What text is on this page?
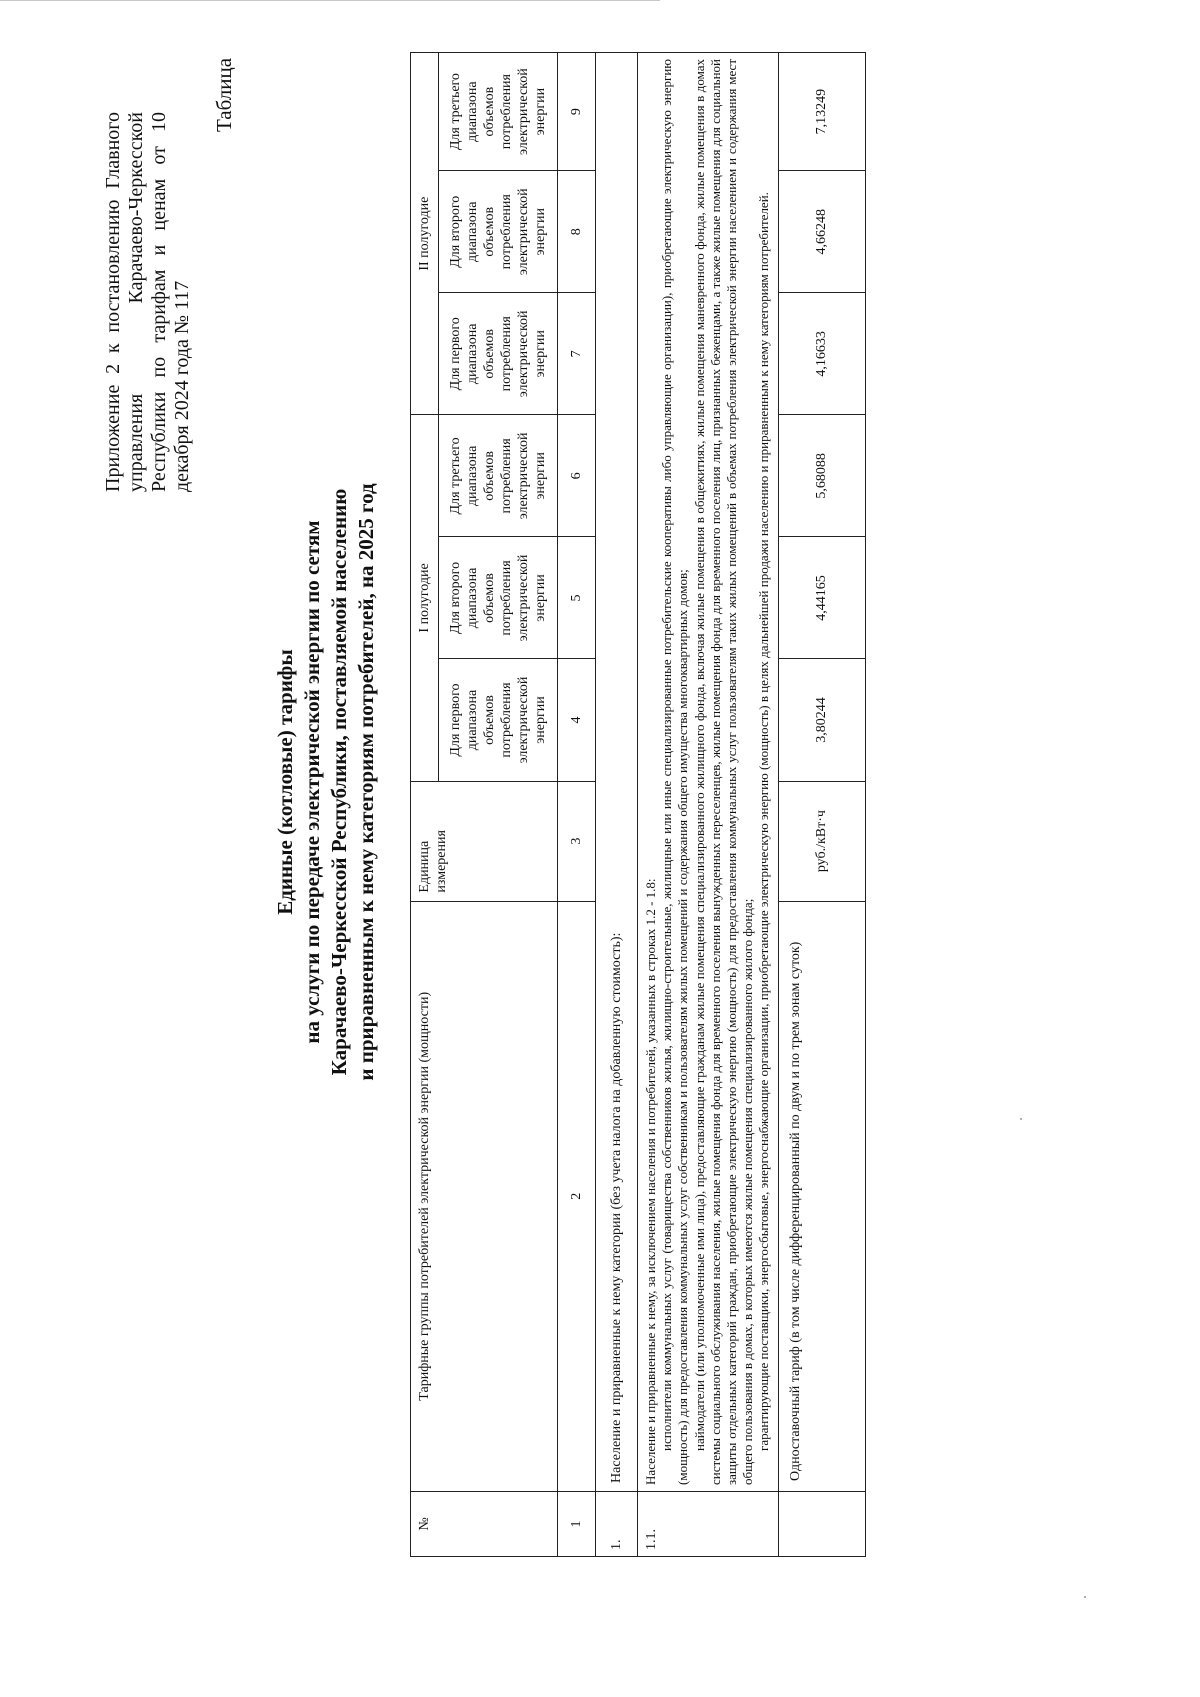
Приложение 2 к постановлению Главного управления Карачаево-Черкесской Республики по тарифам и ценам от 10 декабря 2024 года № 117
Таблица
Единые (котловые) тарифы на услуги по передаче электрической энергии по сетям Карачаево-Черкесской Республики, поставляемой населению и приравненным к нему категориям потребителей, на 2025 год
№	Тарифные группы потребителей электрической энергии (мощности)	Единица измерения	I полугодие			II полугодие		
			Для первого диапазона объемов потребления электрической энергии	Для второго диапазона объемов потребления электрической энергии	Для третьего диапазона объемов потребления электрической энергии	Для первого диапазона объемов потребления электрической энергии	Для второго диапазона объемов потребления электрической энергии	Для третьего диапазона объемов потребления электрической энергии
1	2	3	4	5	6	7	8	9
1.	Население и приравненные к нему категории (без учета налога на добавленную стоимость):							
1.1.	Население и приравненные к нему, за исключением населения и потребителей, указанных в строках 1.2 - 1.8: исполнители коммунальных услуг (товарищества собственников жилья, жилищно-строительные, жилищные или иные специализированные потребительские кооперативы либо управляющие организации), приобретающие электрическую энергию (мощность) для предоставления коммунальных услуг собственникам и пользователям жилых помещений и содержания общего имущества многоквартирных домов; наймодатели (или уполномоченные ими лица), предоставляющие гражданам жилые помещения специализированного жилищного фонда, включая жилые помещения в общежитиях, жилые помещения маневренного фонда, жилые помещения в домах системы социального обслуживания населения, жилые помещения фонда для временного поселения вынужденных переселенцев, жилые помещения фонда для временного поселения лиц, признанных беженцами, а также жилые помещения для социальной защиты отдельных категорий граждан, приобретающие электрическую энергию (мощность) для предоставления коммунальных услуг пользователям таких жилых помещений в объемах потребления электрической энергии населением и содержания мест общего пользования в домах, в которых имеются жилые помещения специализированного жилого фонда; гарантирующие поставщики, энергосбытовые, энергоснабжающие организации, приобретающие электрическую энергию (мощность) в целях дальнейшей продажи населению и приравненным к нему категориям потребителей.							

	Одноставочный тариф (в том числе дифференцированный по двум и по трем зонам суток)	руб./кВт·ч	3,80244	4,44165	5,68088	4,16633	4,66248	7,13249
